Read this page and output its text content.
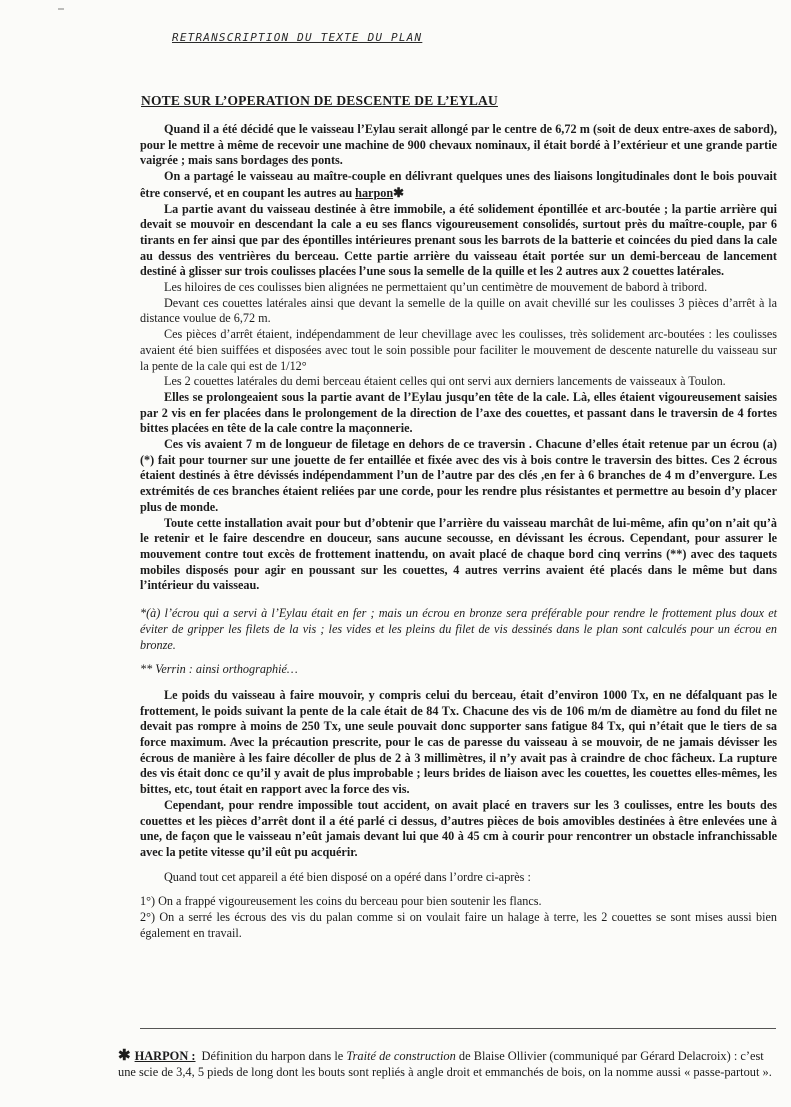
RETRANSCRIPTION DU TEXTE DU PLAN
NOTE SUR L’OPERATION DE DESCENTE DE L’EYLAU

Quand il a été décidé que le vaisseau l’Eylau serait allongé par le centre de 6,72 m (soit de deux entre-axes de sabord), pour le mettre à même de recevoir une machine de 900 chevaux nominaux, il était bordé à l’extérieur et une grande partie vaigrée ; mais sans bordages des ponts.

On a partagé le vaisseau au maître-couple en délivrant quelques unes des liaisons longitudinales dont le bois pouvait être conservé, et en coupant les autres au harpon✱

La partie avant du vaisseau destinée à être immobile, a été solidement épontillée et arc-boutée ; la partie arrière qui devait se mouvoir en descendant la cale a eu ses flancs vigoureusement consolidés, surtout près du maître-couple, par 6 tirants en fer ainsi que par des épontilles intérieures prenant sous les barrots de la batterie et coincées du pied dans la cale au dessus des ventrières du berceau. Cette partie arrière du vaisseau était portée sur un demi-berceau de lancement destiné à glisser sur trois coulisses placées l’une sous la semelle de la quille et les 2 autres aux 2 couettes latérales.

Les hiloires de ces coulisses bien alignées ne permettaient qu’un centimètre de mouvement de babord à tribord.

Devant ces couettes latérales ainsi que devant la semelle de la quille on avait chevillé sur les coulisses 3 pièces d’arrêt à la distance voulue de 6,72 m.

Ces pièces d’arrêt étaient, indépendamment de leur chevillage avec les coulisses, très solidement arc-boutées : les coulisses avaient été bien suiffées et disposées avec tout le soin possible pour faciliter le mouvement de descente naturelle du vaisseau sur la pente de la cale qui est de 1/12°

Les 2 couettes latérales du demi berceau étaient celles qui ont servi aux derniers lancements de vaisseaux à Toulon.

Elles se prolongeaient sous la partie avant de l’Eylau jusqu’en tête de la cale. Là, elles étaient vigoureusement saisies par 2 vis en fer placées dans le prolongement de la direction de l’axe des couettes, et passant dans le traversin de 4 fortes bittes placées en tête de la cale contre la maçonnerie.

Ces vis avaient 7 m de longueur de filetage en dehors de ce traversin . Chacune d’elles était retenue par un écrou (a)(*) fait pour tourner sur une jouette de fer entaillée et fixée avec des vis à bois contre le traversin des bittes. Ces 2 écrous étaient destinés à être dévissés indépendamment l’un de l’autre par des clés ,en fer à 6 branches de 4 m d’envergure. Les extrémités de ces branches étaient reliées par une corde, pour les rendre plus résistantes et permettre au besoin d’y placer plus de monde.

Toute cette installation avait pour but d’obtenir que l’arrière du vaisseau marchât de lui-même, afin qu’on n’ait qu’à le retenir et le faire descendre en douceur, sans aucune secousse, en dévissant les écrous. Cependant, pour assurer le mouvement contre tout excès de frottement inattendu, on avait placé de chaque bord cinq verrins (**) avec des taquets mobiles disposés pour agir en poussant sur les couettes, 4 autres verrins avaient été placés dans le même but dans l’intérieur du vaisseau.

*(à) l’écrou qui a servi à l’Eylau était en fer ; mais un écrou en bronze sera préférable pour rendre le frottement plus doux et éviter de gripper les filets de la vis ; les vides et les pleins du filet de vis dessinés dans le plan sont calculés pour un écrou en bronze.

** Verrin : ainsi orthographié…

Le poids du vaisseau à faire mouvoir, y compris celui du berceau, était d’environ 1000 Tx, en ne défalquant pas le frottement, le poids suivant la pente de la cale était de 84 Tx. Chacune des vis de 106 m/m de diamètre au fond du filet ne devait pas rompre à moins de 250 Tx, une seule pouvait donc supporter sans fatigue 84 Tx, qui n’était que le tiers de sa force maximum. Avec la précaution prescrite, pour le cas de paresse du vaisseau à se mouvoir, de ne jamais dévisser les écrous de manière à les faire décoller de plus de 2 à 3 millimètres, il n’y avait pas à craindre de choc fâcheux. La rupture des vis était donc ce qu’il y avait de plus improbable ; leurs brides de liaison avec les couettes, les couettes elles-mêmes, les bittes, etc, tout était en rapport avec la force des vis.

Cependant, pour rendre impossible tout accident, on avait placé en travers sur les 3 coulisses, entre les bouts des couettes et les pièces d’arrêt dont il a été parlé ci dessus, d’autres pièces de bois amovibles destinées à être enlevées une à une, de façon que le vaisseau n’eût jamais devant lui que 40 à 45 cm à courir pour rencontrer un obstacle infranchissable avec la petite vitesse qu’il eût pu acquérir.

Quand tout cet appareil a été bien disposé on a opéré dans l’ordre ci-après :

1°) On a frappé vigoureusement les coins du berceau pour bien soutenir les flancs.

2°) On a serré les écrous des vis du palan comme si on voulait faire un halage à terre, les 2 couettes se sont mises aussi bien également en travail.

✱ HARPON : Définition du harpon dans le Traité de construction de Blaise Ollivier (communiqué par Gérard Delacroix) : c’est une scie de 3,4, 5 pieds de long dont les bouts sont repliés à angle droit et emmanchés de bois, on la nomme aussi « passe-partout ».
